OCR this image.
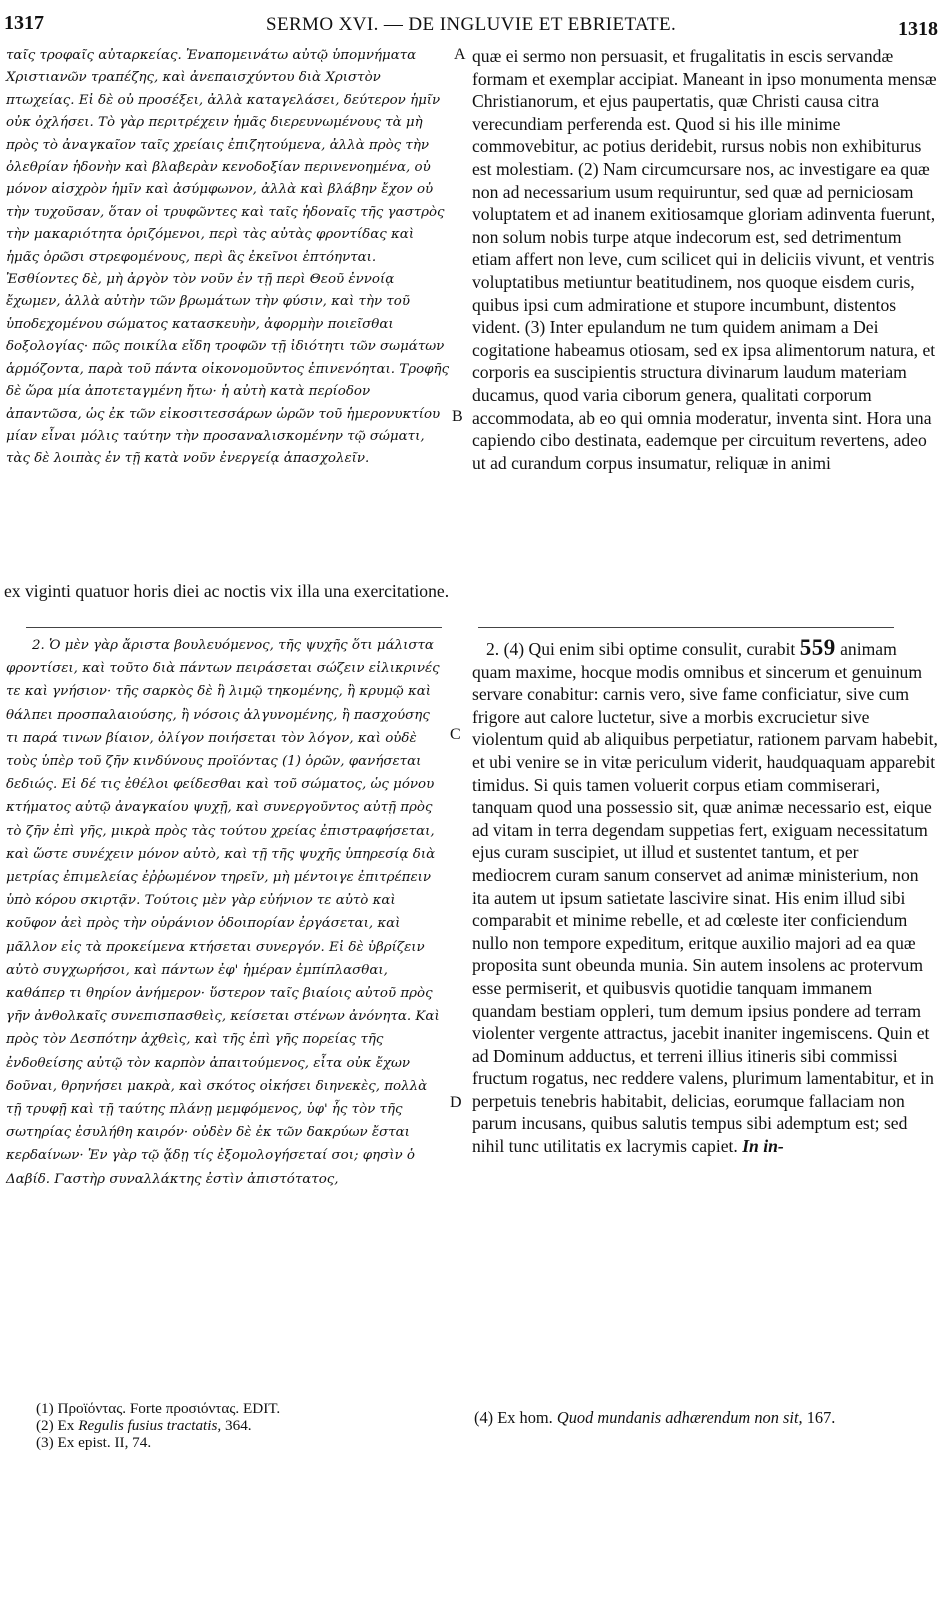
1317	SERMO XVI. — DE INGLUVIE ET EBRIETATE.	1318

ταῖς τροφαῖς αὐταρκείας. Ἐναπομεινάτω αὐτῷ ὑπομνήματα Χριστιανῶν τραπέζης, καὶ ἀνεπαισχύντου διὰ Χριστὸν πτωχείας. Εἰ δὲ οὐ προσέξει, ἀλλὰ καταγελάσει, δεύτερον ἡμῖν οὐκ ὀχλήσει. Τὸ γὰρ περιτρέχειν ἡμᾶς διερευνωμένους τὰ μὴ πρὸς τὸ ἀναγκαῖον ταῖς χρείαις ἐπιζητούμενα, ἀλλὰ πρὸς τὴν ὀλεθρίαν ἡδονὴν καὶ βλαβερὰν κενοδοξίαν περινενοημένα, οὐ μόνον αἰσχρὸν ἡμῖν καὶ ἀσύμφωνον, ἀλλὰ καὶ βλάβην ἔχον οὐ τὴν τυχοῦσαν, ὅταν οἱ τρυφῶντες καὶ ταῖς ἡδοναῖς τῆς γαστρὸς τὴν μακαριότητα ὁριζόμενοι, περὶ τὰς αὐτὰς φροντίδας καὶ ἡμᾶς ὁρῶσι στρεφομένους, περὶ ἃς ἐκεῖνοι ἐπτόηνται. Ἐσθίοντες δὲ, μὴ ἀργὸν τὸν νοῦν ἐν τῇ περὶ Θεοῦ ἐννοίᾳ ἔχωμεν, ἀλλὰ αὐτὴν τῶν βρωμάτων τὴν φύσιν, καὶ τὴν τοῦ ὑποδεχομένου σώματος κατασκευὴν, ἀφορμὴν ποιεῖσθαι δοξολογίας· πῶς ποικίλα εἴδη τροφῶν τῇ ἰδιότητι τῶν σωμάτων ἁρμόζοντα, παρὰ τοῦ πάντα οἰκονομοῦντος ἐπινενόηται. Τροφῆς δὲ ὥρα μία ἀποτεταγμένη ἤτω· ἡ αὐτὴ κατὰ περίοδον ἀπαντῶσα, ὡς ἐκ τῶν εἰκοσιτεσσάρων ὡρῶν τοῦ ἡμερονυκτίου μίαν εἶναι μόλις ταύτην τὴν προσαναλισκομένην τῷ σώματι, τὰς δὲ λοιπὰς ἐν τῇ κατὰ νοῦν ἐνεργείᾳ ἀπασχολεῖν.

ex viginti quatuor horis diei ac noctis vix illa una exercitatione.

quæ ei sermo non persuasit, et frugalitatis in escis servandæ formam et exemplar accipiat. Maneant in ipso monumenta mensæ Christianorum, et ejus paupertatis, quæ Christi causa citra verecundiam perferenda est. Quod si his ille minime commovebitur, ac potius deridebit, rursus nobis non exhibiturus est molestiam. (2) Nam circumcursare nos, ac investigare ea quæ non ad necessarium usum requiruntur, sed quæ ad perniciosam voluptatem et ad inanem exitiosamque gloriam adinventa fuerunt, non solum nobis turpe atque indecorum est, sed detrimentum etiam affert non leve, cum scilicet qui in deliciis vivunt, et ventris voluptatibus metiuntur beatitudinem, nos quoque eisdem curis, quibus ipsi cum admiratione et stupore incumbunt, distentos vident. (3) Inter epulandum ne tum quidem animam a Dei cogitatione habeamus otiosam, sed ex ipsa alimentorum natura, et corporis ea suscipientis structura divinarum laudum materiam ducamus, quod varia ciborum genera, qualitati corporum accommodata, ab eo qui omnia moderatur, inventa sint. Hora una capiendo cibo destinata, eademque per circuitum revertens, adeo ut ad curandum corpus insumatur, reliquæ in animi

A
B
C
D

2. Ὁ μὲν γὰρ ἄριστα βουλευόμενος, τῆς ψυχῆς ὅτι μάλιστα φροντίσει, καὶ τοῦτο διὰ πάντων πειράσεται σώζειν εἰλικρινές τε καὶ γνήσιον· τῆς σαρκὸς δὲ ἢ λιμῷ τηκομένης, ἢ κρυμῷ καὶ θάλπει προσπαλαιούσης, ἢ νόσοις ἀλγυνομένης, ἢ πασχούσης τι παρά τινων βίαιον, ὀλίγον ποιήσεται τὸν λόγον, καὶ οὐδὲ τοὺς ὑπὲρ τοῦ ζῆν κινδύνους προϊόντας (1) ὁρῶν, φανήσεται δεδιώς. Εἰ δέ τις ἐθέλοι φείδεσθαι καὶ τοῦ σώματος, ὡς μόνου κτήματος αὐτῷ ἀναγκαίου ψυχῇ, καὶ συνεργοῦντος αὐτῇ πρὸς τὸ ζῆν ἐπὶ γῆς, μικρὰ πρὸς τὰς τούτου χρείας ἐπιστραφήσεται, καὶ ὥστε συνέχειν μόνον αὐτὸ, καὶ τῇ τῆς ψυχῆς ὑπηρεσίᾳ διὰ μετρίας ἐπιμελείας ἐῤῥωμένον τηρεῖν, μὴ μέντοιγε ἐπιτρέπειν ὑπὸ κόρου σκιρτᾷν. Τούτοις μὲν γὰρ εὐήνιον τε αὐτὸ καὶ κοῦφον ἀεὶ πρὸς τὴν οὐράνιον ὁδοιπορίαν ἐργάσεται, καὶ μᾶλλον εἰς τὰ προκείμενα κτήσεται συνεργόν. Εἰ δὲ ὑβρίζειν αὐτὸ συγχωρήσοι, καὶ πάντων ἐφ' ἡμέραν ἐμπίπλασθαι, καθάπερ τι θηρίον ἀνήμερον· ὕστερον ταῖς βιαίοις αὐτοῦ πρὸς γῆν ἀνθολκαῖς συνεπισπασθεὶς, κείσεται στένων ἀνόνητα. Καὶ πρὸς τὸν Δεσπότην ἀχθεὶς, καὶ τῆς ἐπὶ γῆς πορείας τῆς ἐνδοθείσης αὐτῷ τὸν καρπὸν ἀπαιτούμενος, εἶτα οὐκ ἔχων δοῦναι, θρηνήσει μακρὰ, καὶ σκότος οἰκήσει διηνεκὲς, πολλὰ τῇ τρυφῇ καὶ τῇ ταύτης πλάνῃ μεμφόμενος, ὑφ' ἧς τὸν τῆς σωτηρίας ἐσυλήθη καιρόν· οὐδὲν δὲ ἐκ τῶν δακρύων ἔσται κερδαίνων· Ἐν γὰρ τῷ ᾅδῃ τίς ἐξομολογήσεταί σοι; φησὶν ὁ Δαβίδ. Γαστὴρ συναλλάκτης ἐστὶν ἀπιστότατος,

2. (4) Qui enim sibi optime consulit, curabit 559 animam quam maxime, hocque modis omnibus et sincerum et genuinum servare conabitur: carnis vero, sive fame conficiatur, sive cum frigore aut calore luctetur, sive a morbis excrucietur sive violentum quid ab aliquibus perpetiatur, rationem parvam habebit, et ubi venire se in vitæ periculum viderit, haudquaquam apparebit timidus. Si quis tamen voluerit corpus etiam commiserari, tanquam quod una possessio sit, quæ animæ necessario est, eique ad vitam in terra degendam suppetias fert, exiguam necessitatum ejus curam suscipiet, ut illud et sustentet tantum, et per mediocrem curam sanum conservet ad animæ ministerium, non ita autem ut ipsum satietate lascivire sinat. His enim illud sibi comparabit et minime rebelle, et ad cœleste iter conficiendum nullo non tempore expeditum, eritque auxilio majori ad ea quæ proposita sunt obeunda munia. Sin autem insolens ac protervum esse permiserit, et quibusvis quotidie tanquam immanem quandam bestiam oppleri, tum demum ipsius pondere ad terram violenter vergente attractus, jacebit inaniter ingemiscens. Quin et ad Dominum adductus, et terreni illius itineris sibi commissi fructum rogatus, nec reddere valens, plurimum lamentabitur, et in perpetuis tenebris habitabit, delicias, eorumque fallaciam non parum incusans, quibus salutis tempus sibi ademptum est; sed nihil tunc utilitatis ex lacrymis capiet. In in-

(1) Προϊόντας. Forte προσιόντας. EDIT.

(2) Ex Regulis fusius tractatis, 364.

(3) Ex epist. II, 74.

(4) Ex hom. Quod mundanis adhærendum non sit, 167.
